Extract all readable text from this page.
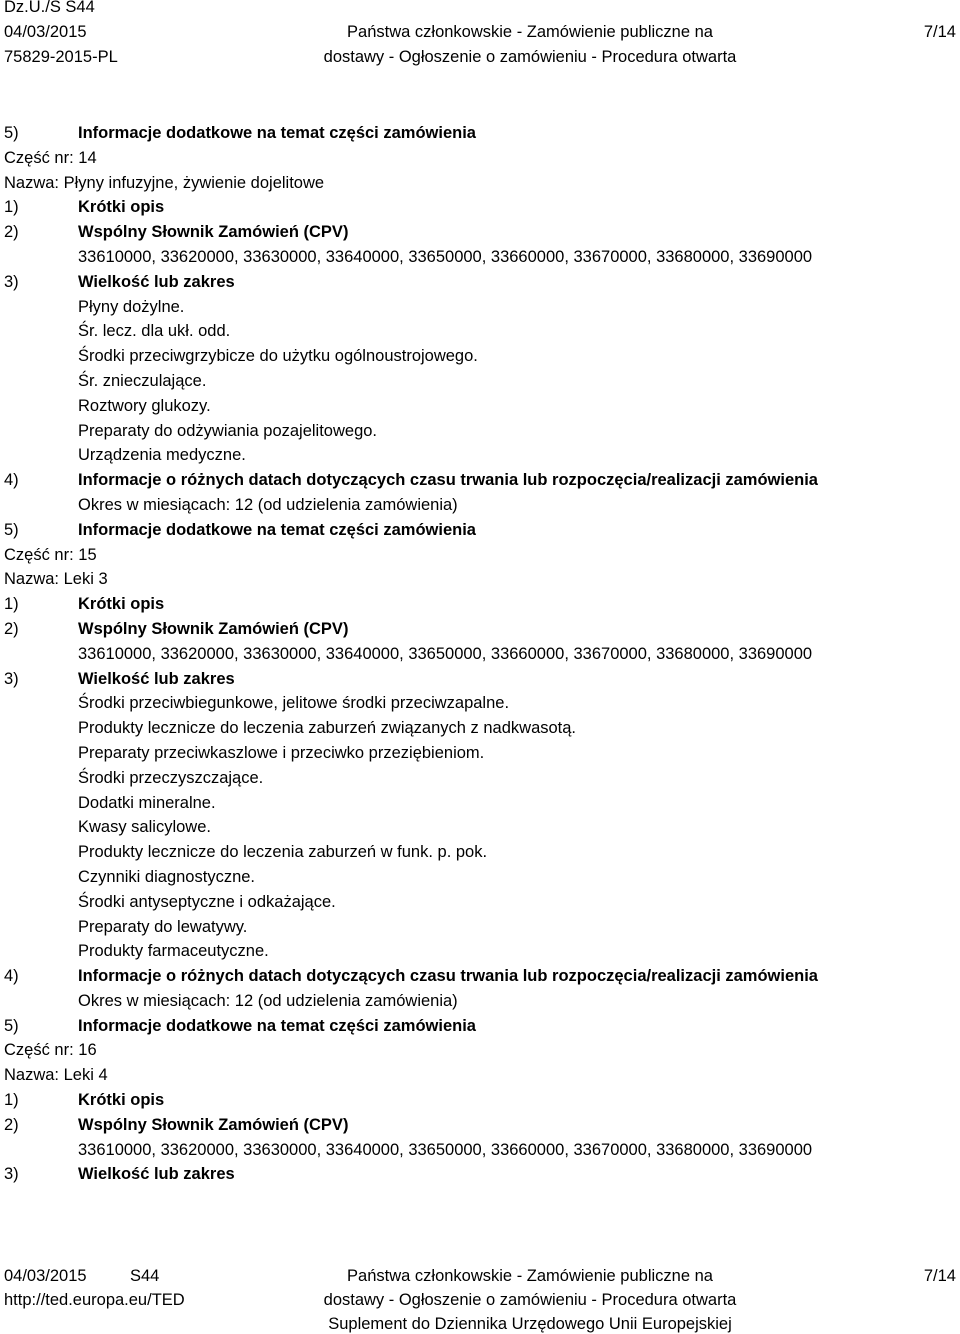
Dz.U./S S44
04/03/2015
75829-2015-PL
Państwa członkowskie - Zamówienie publiczne na
dostawy - Ogłoszenie o zamówieniu - Procedura otwarta
7/14
5)	Informacje dodatkowe na temat części zamówienia
Część nr: 14
Nazwa: Płyny infuzyjne, żywienie dojelitowe
1)	Krótki opis
2)	Wspólny Słownik Zamówień (CPV)
33610000, 33620000, 33630000, 33640000, 33650000, 33660000, 33670000, 33680000, 33690000
3)	Wielkość lub zakres
Płyny dożylne.
Śr. lecz. dla ukł. odd.
Środki przeciwgrzybicze do użytku ogólnoustrojowego.
Śr. znieczulające.
Roztwory glukozy.
Preparaty do odżywiania pozajelitowego.
Urządzenia medyczne.
4)	Informacje o różnych datach dotyczących czasu trwania lub rozpoczęcia/realizacji zamówienia
Okres w miesiącach: 12 (od udzielenia zamówienia)
5)	Informacje dodatkowe na temat części zamówienia
Część nr: 15
Nazwa: Leki 3
1)	Krótki opis
2)	Wspólny Słownik Zamówień (CPV)
33610000, 33620000, 33630000, 33640000, 33650000, 33660000, 33670000, 33680000, 33690000
3)	Wielkość lub zakres
Środki przeciwbiegunkowe, jelitowe środki przeciwzapalne.
Produkty lecznicze do leczenia zaburzeń związanych z nadkwasotą.
Preparaty przeciwkaszlowe i przeciwko przeziębieniom.
Środki przeczyszczające.
Dodatki mineralne.
Kwasy salicylowe.
Produkty lecznicze do leczenia zaburzeń w funk. p. pok.
Czynniki diagnostyczne.
Środki antyseptyczne i odkażające.
Preparaty do lewatywy.
Produkty farmaceutyczne.
4)	Informacje o różnych datach dotyczących czasu trwania lub rozpoczęcia/realizacji zamówienia
Okres w miesiącach: 12 (od udzielenia zamówienia)
5)	Informacje dodatkowe na temat części zamówienia
Część nr: 16
Nazwa: Leki 4
1)	Krótki opis
2)	Wspólny Słownik Zamówień (CPV)
33610000, 33620000, 33630000, 33640000, 33650000, 33660000, 33670000, 33680000, 33690000
3)	Wielkość lub zakres
04/03/2015	S44
http://ted.europa.eu/TED
Państwa członkowskie - Zamówienie publiczne na
dostawy - Ogłoszenie o zamówieniu - Procedura otwarta
Suplement do Dziennika Urzędowego Unii Europejskiej
7/14
